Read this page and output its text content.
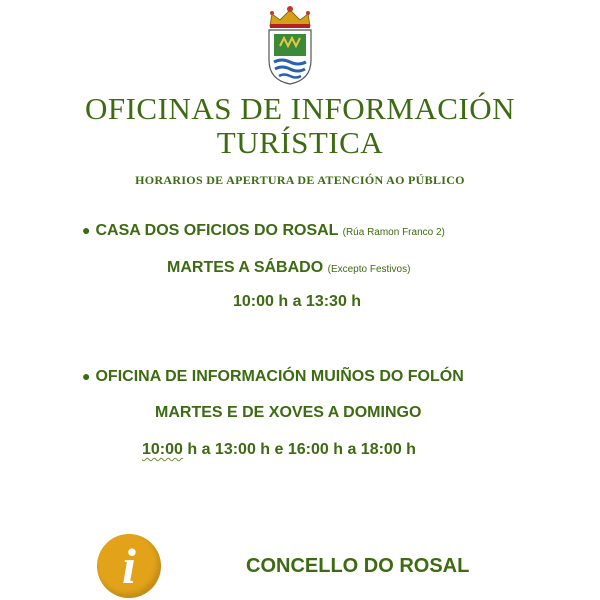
OFICINAS DE INFORMACIÓN
TURÍSTICA
HORARIOS DE APERTURA DE ATENCIÓN AO PÚBLICO
● CASA DOS OFICIOS DO ROSAL (Rúa Ramon Franco 2)
MARTES A SÁBADO (Excepto Festivos)
10:00 h a 13:30 h
● OFICINA DE INFORMACIÓN MUIÑOS DO FOLÓN
MARTES E DE XOVES A DOMINGO
10:00 h a 13:00 h e 16:00 h a 18:00 h
i	CONCELLO DO ROSAL
